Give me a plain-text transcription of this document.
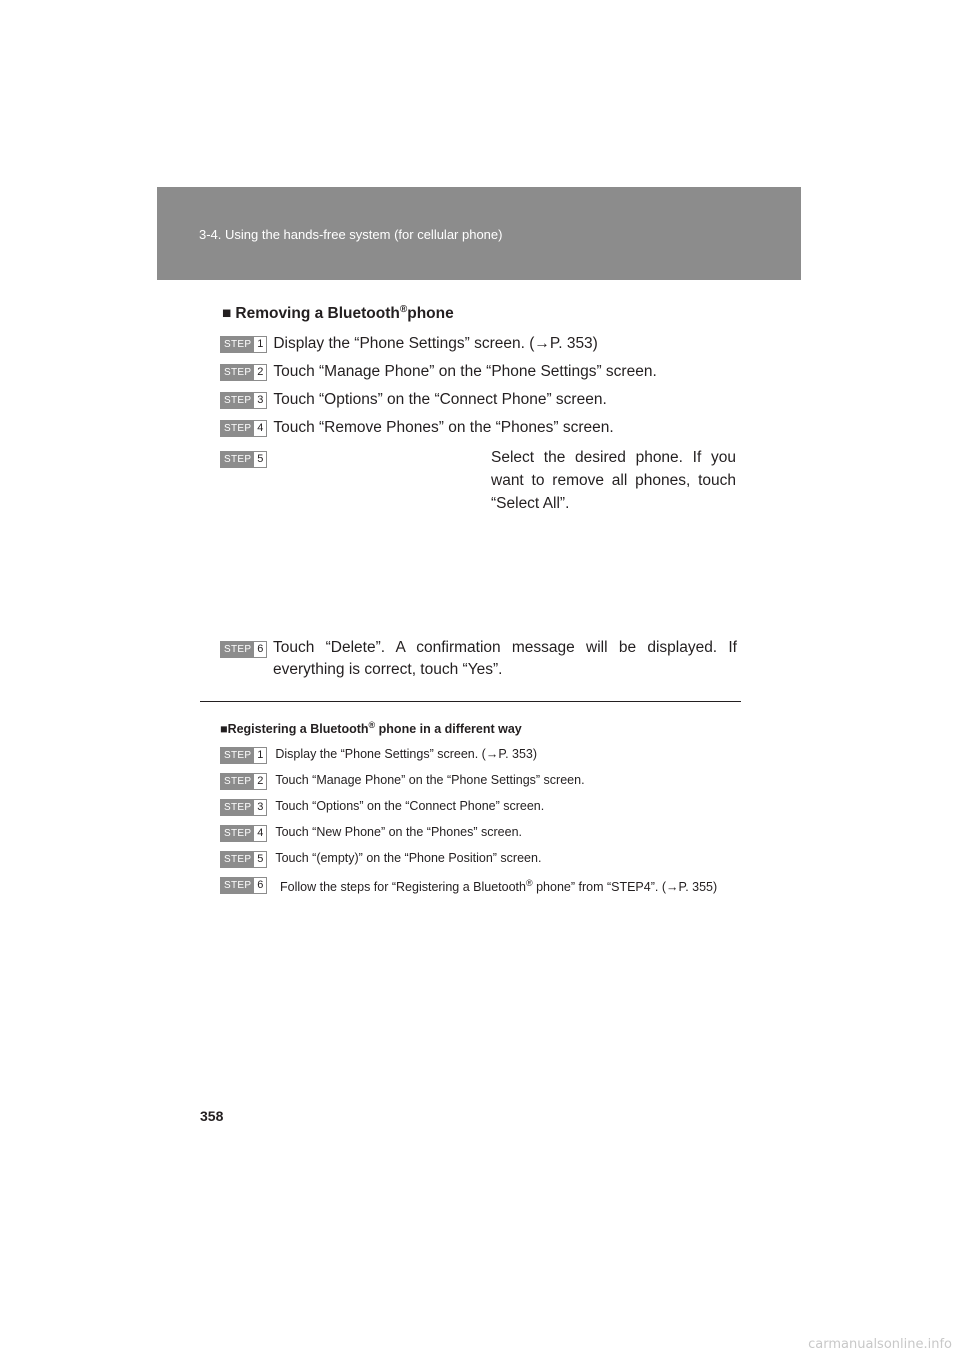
3-4. Using the hands-free system (for cellular phone)
■ Removing a Bluetooth®phone
STEP 1 Display the “Phone Settings” screen. (→P. 353)
STEP 2 Touch “Manage Phone” on the “Phone Settings” screen.
STEP 3 Touch “Options” on the “Connect Phone” screen.
STEP 4 Touch “Remove Phones” on the “Phones” screen.
STEP 5	Select the desired phone. If you want to remove all phones, touch “Select All”.
STEP 6 Touch “Delete”. A confirmation message will be displayed. If everything is correct, touch “Yes”.
■Registering a Bluetooth® phone in a different way
STEP 1 Display the “Phone Settings” screen. (→P. 353)
STEP 2 Touch “Manage Phone” on the “Phone Settings” screen.
STEP 3 Touch “Options” on the “Connect Phone” screen.
STEP 4 Touch “New Phone” on the “Phones” screen.
STEP 5 Touch “(empty)” on the “Phone Position” screen.
STEP 6 Follow the steps for “Registering a Bluetooth® phone” from “STEP4”. (→P. 355)
358
carmanualsonline.info
